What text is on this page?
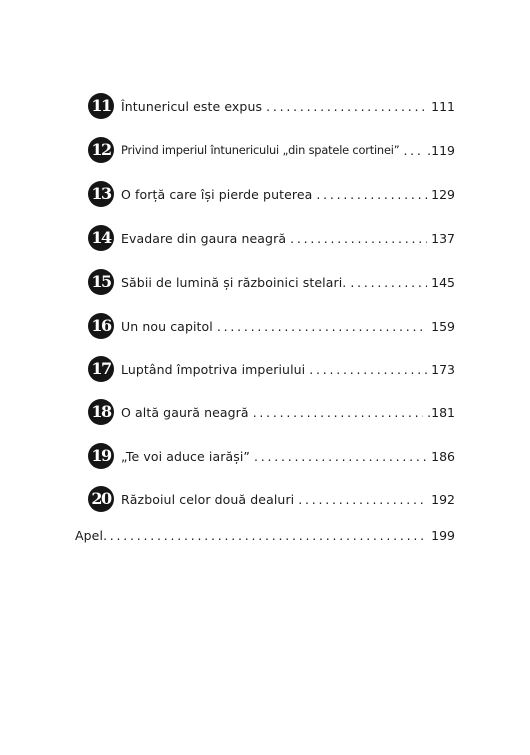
11 Întunericul este expus . . .	111
12 Privind imperiul întunericului „din spatele cortinei” . . . .119
13 O forță care își pierde puterea . . .	129
14 Evadare din gaura neagră . . .	137
15 Săbii de lumină și războinici stelari. . . .	145
16 Un nou capitol . . .	159
17 Luptând împotriva imperiului . . .	173
18 O altă gaură neagră . . .	.181
19 „Te voi aduce iarăși” . . .	186
20 Războiul celor două dealuri . . .	192
Apel . . .	199
